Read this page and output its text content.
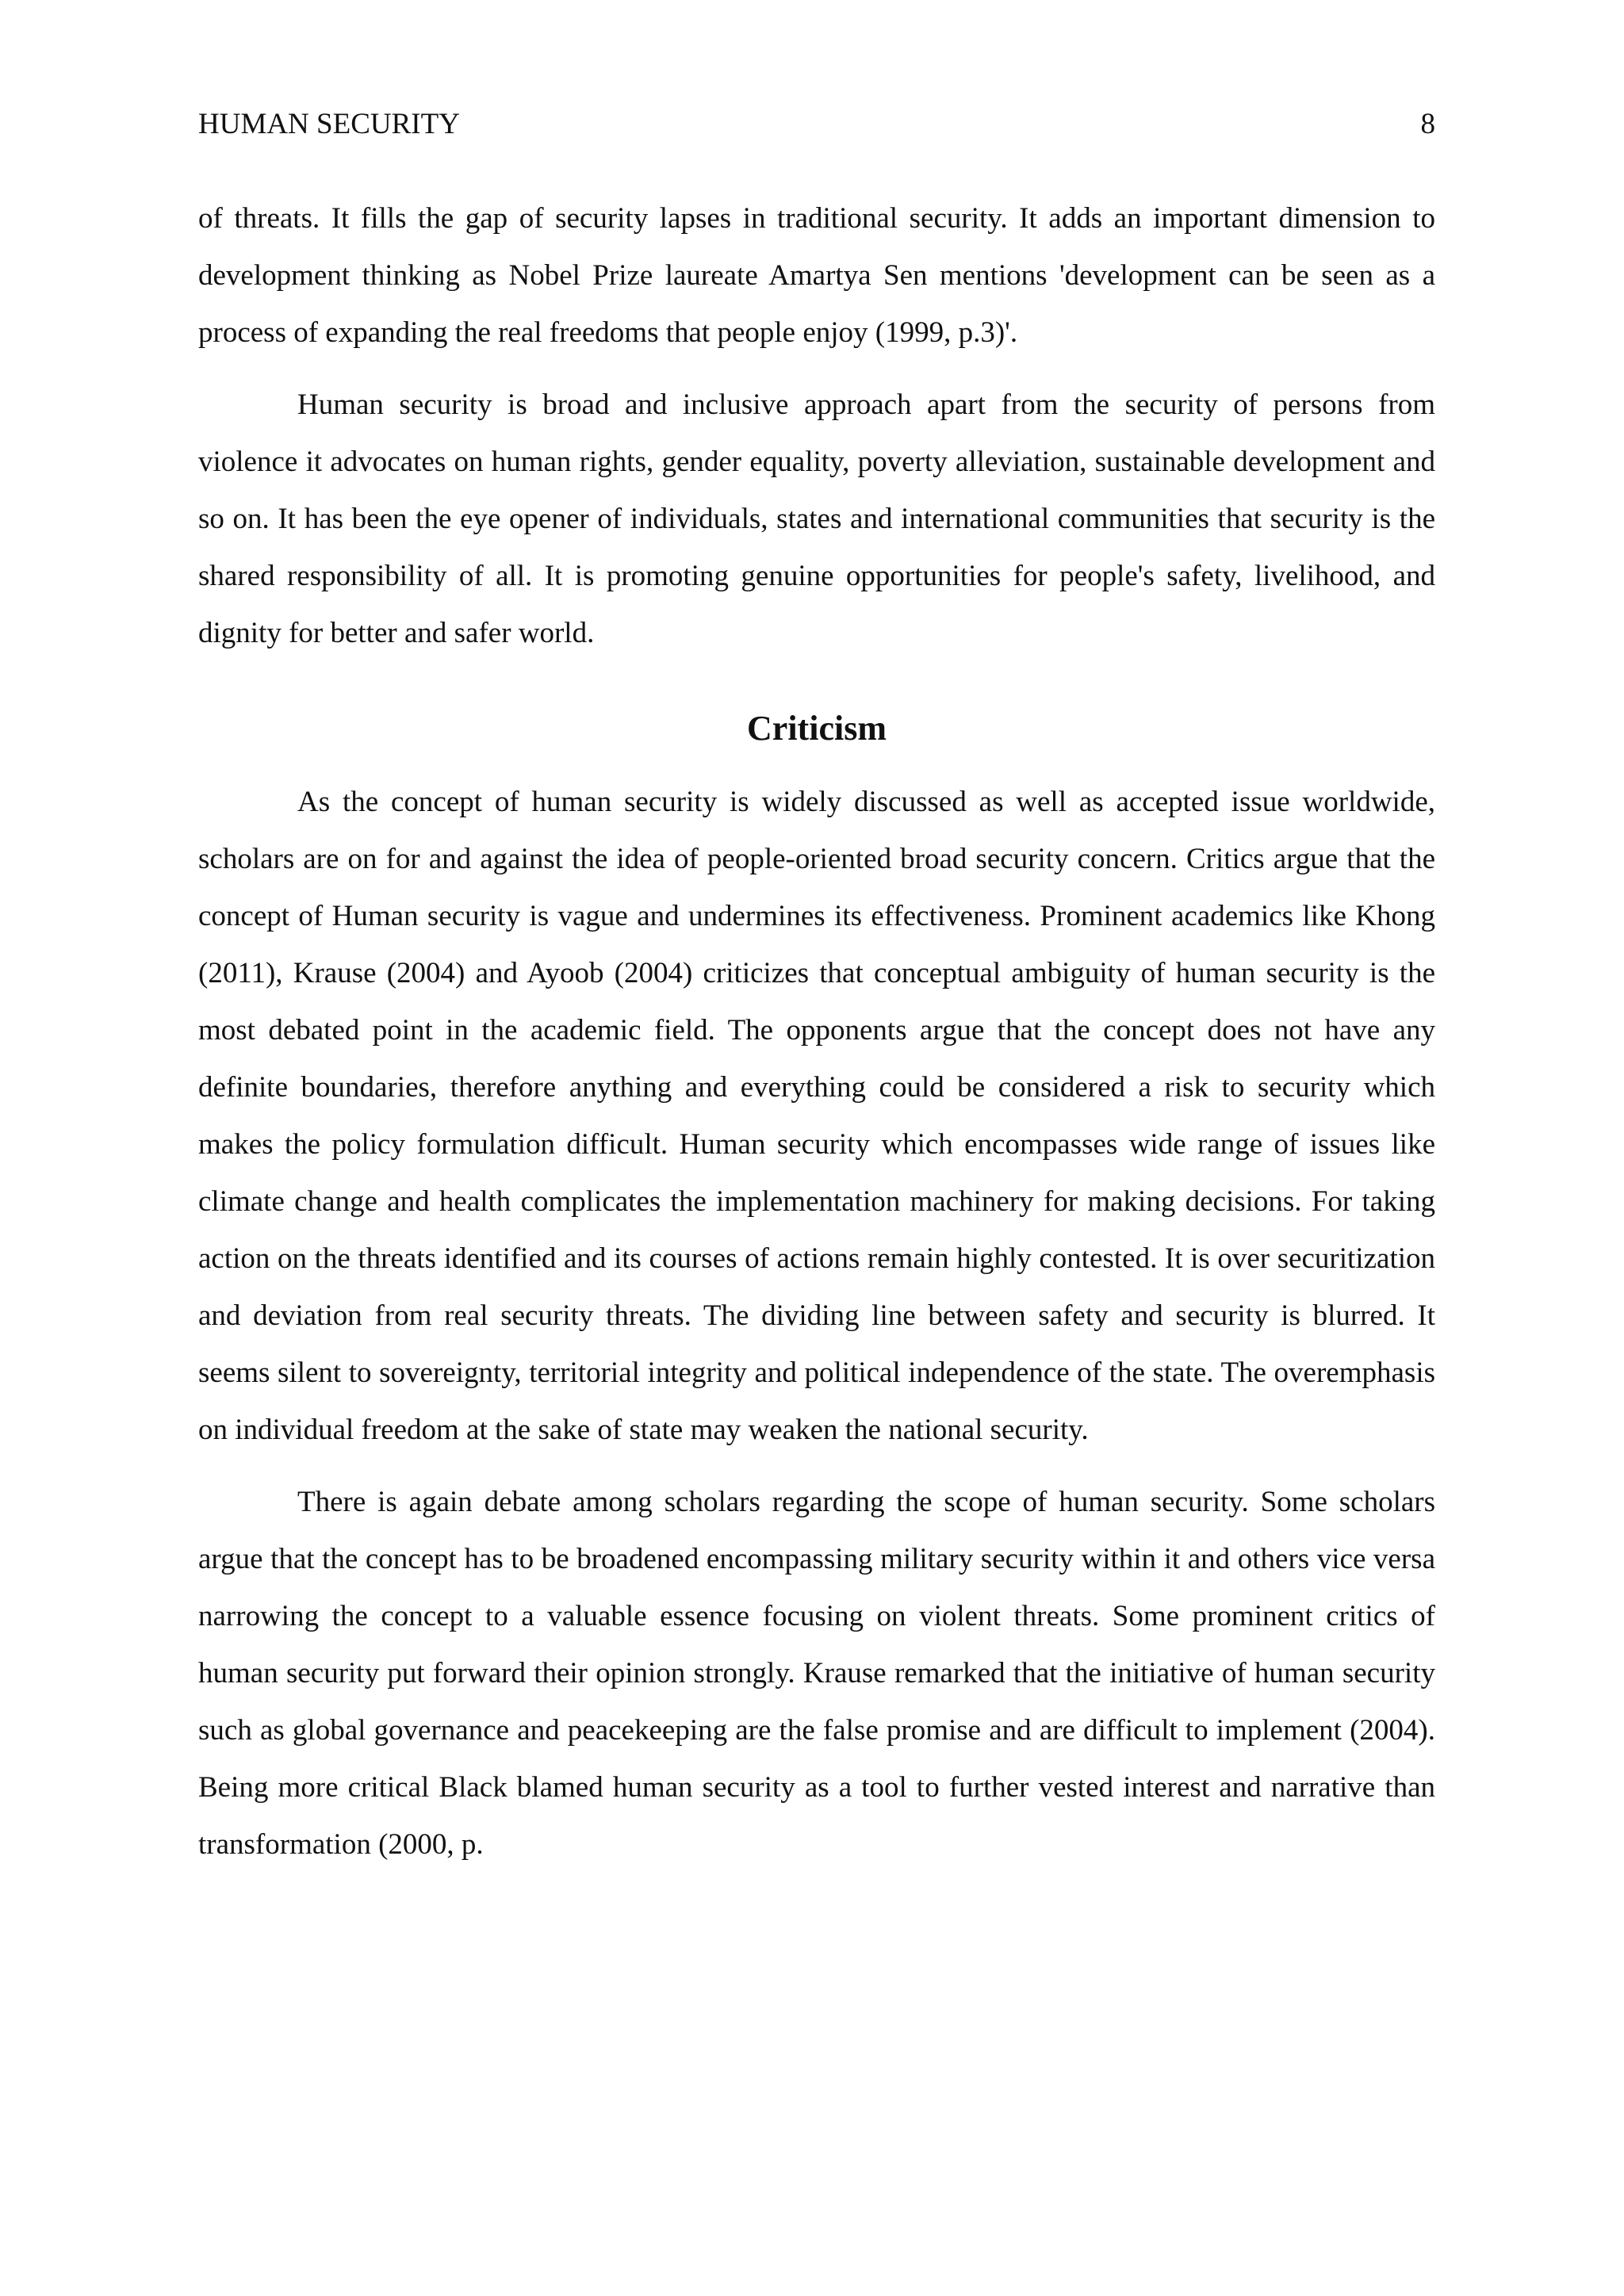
HUMAN SECURITY	8

of threats. It fills the gap of security lapses in traditional security. It adds an important dimension to development thinking as Nobel Prize laureate Amartya Sen mentions 'development can be seen as a process of expanding the real freedoms that people enjoy (1999, p.3)'.

Human security is broad and inclusive approach apart from the security of persons from violence it advocates on human rights, gender equality, poverty alleviation, sustainable development and so on. It has been the eye opener of individuals, states and international communities that security is the shared responsibility of all. It is promoting genuine opportunities for people's safety, livelihood, and dignity for better and safer world.

Criticism

As the concept of human security is widely discussed as well as accepted issue worldwide, scholars are on for and against the idea of people-oriented broad security concern. Critics argue that the concept of Human security is vague and undermines its effectiveness. Prominent academics like Khong (2011), Krause (2004) and Ayoob (2004) criticizes that conceptual ambiguity of human security is the most debated point in the academic field. The opponents argue that the concept does not have any definite boundaries, therefore anything and everything could be considered a risk to security which makes the policy formulation difficult. Human security which encompasses wide range of issues like climate change and health complicates the implementation machinery for making decisions. For taking action on the threats identified and its courses of actions remain highly contested. It is over securitization and deviation from real security threats. The dividing line between safety and security is blurred. It seems silent to sovereignty, territorial integrity and political independence of the state. The overemphasis on individual freedom at the sake of state may weaken the national security.

There is again debate among scholars regarding the scope of human security. Some scholars argue that the concept has to be broadened encompassing military security within it and others vice versa narrowing the concept to a valuable essence focusing on violent threats. Some prominent critics of human security put forward their opinion strongly. Krause remarked that the initiative of human security such as global governance and peacekeeping are the false promise and are difficult to implement (2004). Being more critical Black blamed human security as a tool to further vested interest and narrative than transformation (2000, p.
